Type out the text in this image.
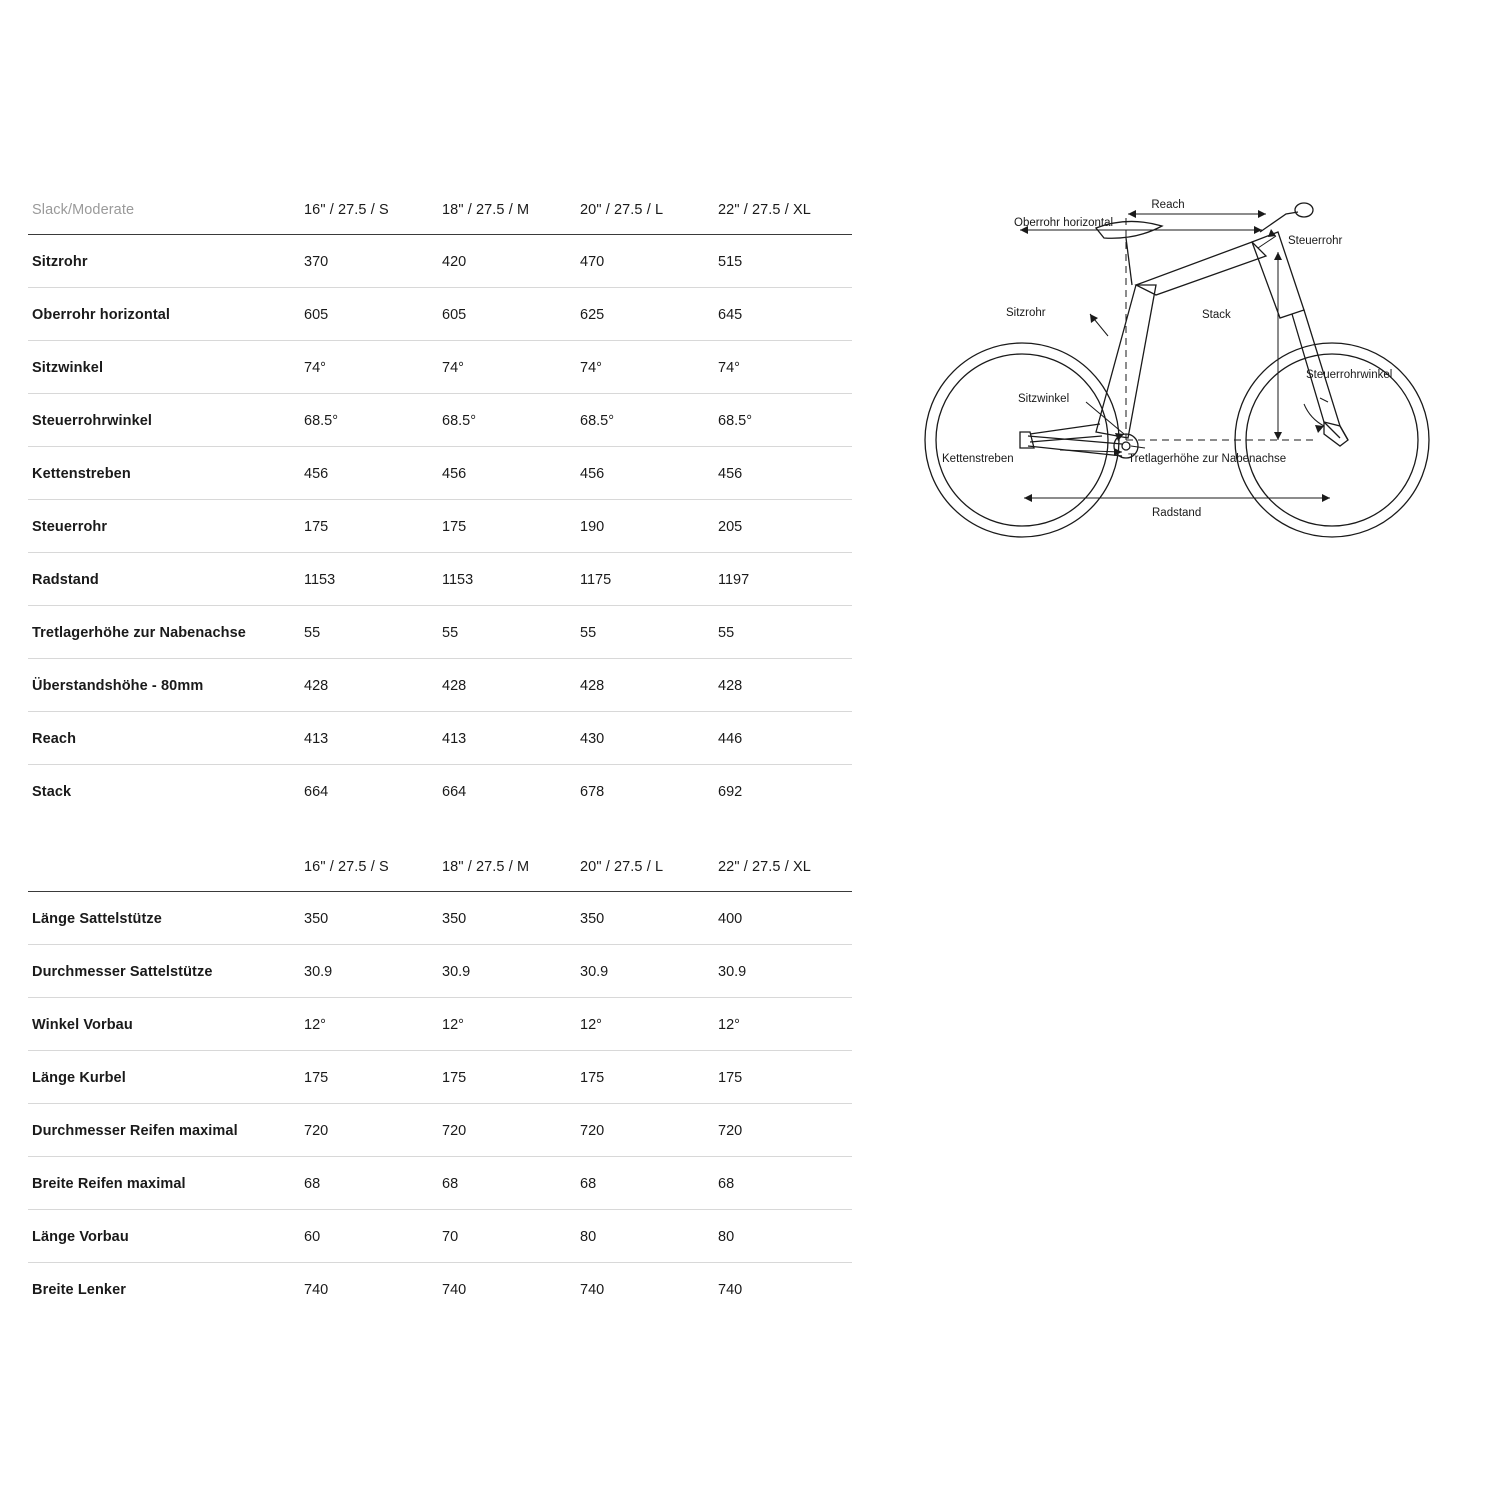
Slack/Moderate	16" / 27.5 / S	18" / 27.5 / M	20" / 27.5 / L	22" / 27.5 / XL
Sitzrohr	370	420	470	515
Oberrohr horizontal	605	605	625	645
Sitzwinkel	74°	74°	74°	74°
Steuerrohrwinkel	68.5°	68.5°	68.5°	68.5°
Kettenstreben	456	456	456	456
Steuerrohr	175	175	190	205
Radstand	1153	1153	1175	1197
Tretlagerhöhe zur Nabenachse	55	55	55	55
Überstandshöhe - 80mm	428	428	428	428
Reach	413	413	430	446
Stack	664	664	678	692
	16" / 27.5 / S	18" / 27.5 / M	20" / 27.5 / L	22" / 27.5 / XL
Länge Sattelstütze	350	350	350	400
Durchmesser Sattelstütze	30.9	30.9	30.9	30.9
Winkel Vorbau	12°	12°	12°	12°
Länge Kurbel	175	175	175	175
Durchmesser Reifen maximal	720	720	720	720
Breite Reifen maximal	68	68	68	68
Länge Vorbau	60	70	80	80
Breite Lenker	740	740	740	740
Reach
Oberrohr horizontal
Steuerrohr
Stack
Sitzrohr
Steuerrohrwinkel
Sitzwinkel
Kettenstreben	Tretlagerhöhe zur Nabenachse
Radstand
